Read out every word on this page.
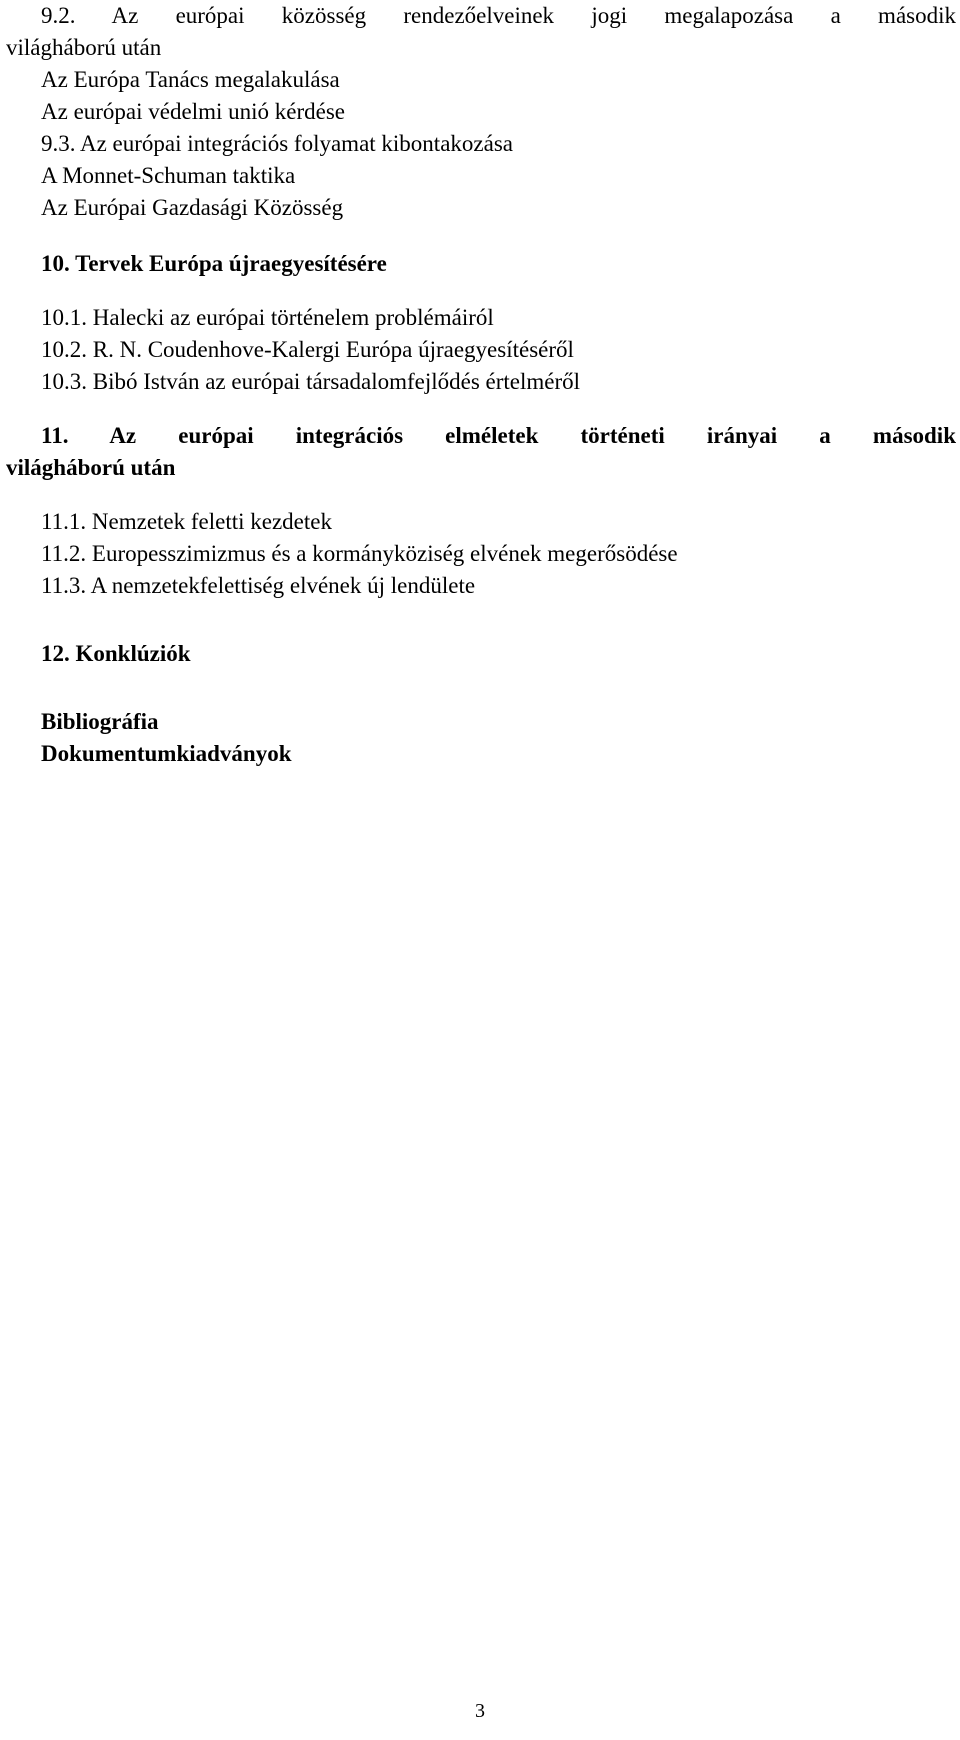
9.2. Az európai közösség rendezőelveinek jogi megalapozása a második
világháború után
Az Európa Tanács megalakulása
Az európai védelmi unió kérdése
9.3. Az európai integrációs folyamat kibontakozása
A Monnet-Schuman taktika
Az Európai Gazdasági Közösség
10. Tervek Európa újraegyesítésére
10.1. Halecki az európai történelem problémáiról
10.2. R. N. Coudenhove-Kalergi Európa újraegyesítéséről
10.3. Bibó István az európai társadalomfejlődés értelméről
11. Az európai integrációs elméletek történeti irányai a második
világháború után
11.1. Nemzetek feletti kezdetek
11.2. Europesszimizmus és a kormányköziség elvének megerősödése
11.3. A nemzetekfelettiség elvének új lendülete
12. Konklúziók
Bibliográfia
Dokumentumkiadványok
3
